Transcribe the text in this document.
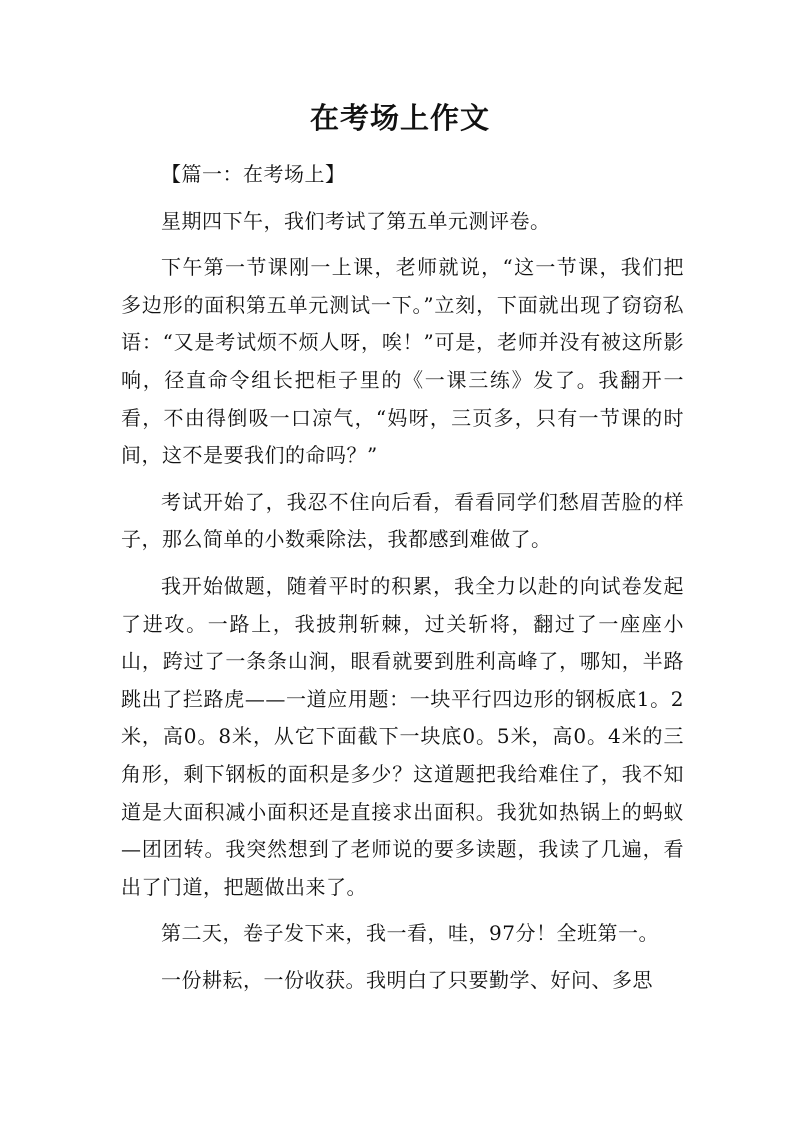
在考场上作文

【篇一：在考场上】

星期四下午，我们考试了第五单元测评卷。

下午第一节课刚一上课，老师就说，“这一节课，我们把多边形的面积第五单元测试一下。”立刻，下面就出现了窃窃私语：“又是考试烦不烦人呀，唉！”可是，老师并没有被这所影响，径直命令组长把柜子里的《一课三练》发了。我翻开一看，不由得倒吸一口凉气，“妈呀，三页多，只有一节课的时间，这不是要我们的命吗？”

考试开始了，我忍不住向后看，看看同学们愁眉苦脸的样子，那么简单的小数乘除法，我都感到难做了。

我开始做题，随着平时的积累，我全力以赴的向试卷发起了进攻。一路上，我披荆斩棘，过关斩将，翻过了一座座小山，跨过了一条条山涧，眼看就要到胜利高峰了，哪知，半路跳出了拦路虎——一道应用题：一块平行四边形的钢板底1。2米，高0。8米，从它下面截下一块底0。5米，高0。4米的三角形，剩下钢板的面积是多少？这道题把我给难住了，我不知道是大面积减小面积还是直接求出面积。我犹如热锅上的蚂蚁—团团转。我突然想到了老师说的要多读题，我读了几遍，看出了门道，把题做出来了。

第二天，卷子发下来，我一看，哇，97分！全班第一。

一份耕耘，一份收获。我明白了只要勤学、好问、多思
